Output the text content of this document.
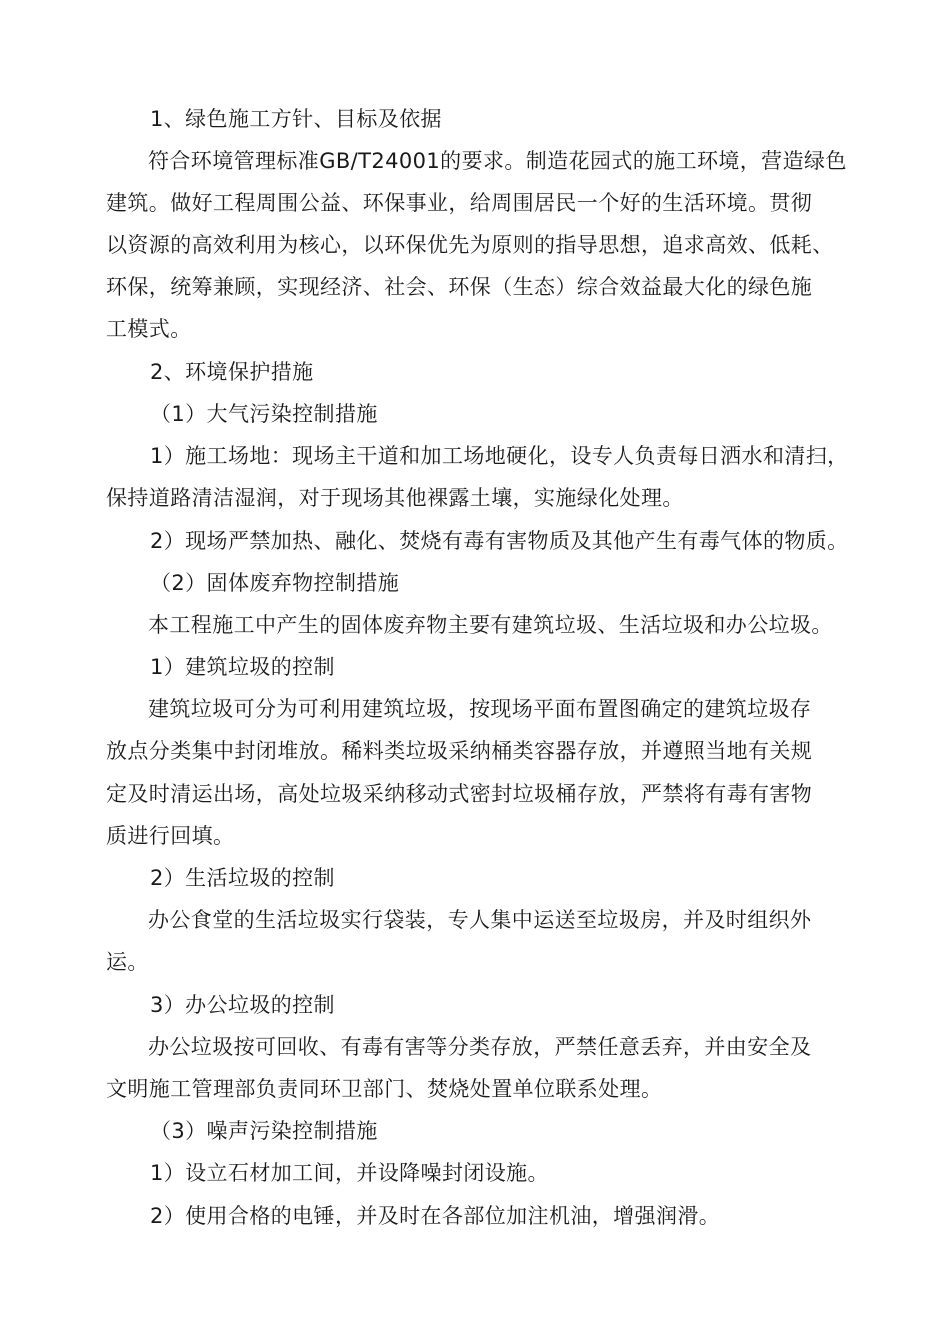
1、绿色施工方针、目标及依据
符合环境管理标准GB/T24001的要求。制造花园式的施工环境，营造绿色
建筑。做好工程周围公益、环保事业，给周围居民一个好的生活环境。贯彻
以资源的高效利用为核心，以环保优先为原则的指导思想，追求高效、低耗、
环保，统筹兼顾，实现经济、社会、环保（生态）综合效益最大化的绿色施
工模式。
2、环境保护措施
（1）大气污染控制措施
1）施工场地：现场主干道和加工场地硬化，设专人负责每日洒水和清扫，
保持道路清洁湿润，对于现场其他裸露土壤，实施绿化处理。
2）现场严禁加热、融化、焚烧有毒有害物质及其他产生有毒气体的物质。
（2）固体废弃物控制措施
本工程施工中产生的固体废弃物主要有建筑垃圾、生活垃圾和办公垃圾。
1）建筑垃圾的控制
建筑垃圾可分为可利用建筑垃圾，按现场平面布置图确定的建筑垃圾存
放点分类集中封闭堆放。稀料类垃圾采纳桶类容器存放，并遵照当地有关规
定及时清运出场，高处垃圾采纳移动式密封垃圾桶存放，严禁将有毒有害物
质进行回填。
2）生活垃圾的控制
办公食堂的生活垃圾实行袋装，专人集中运送至垃圾房，并及时组织外
运。
3）办公垃圾的控制
办公垃圾按可回收、有毒有害等分类存放，严禁任意丢弃，并由安全及
文明施工管理部负责同环卫部门、焚烧处置单位联系处理。
（3）噪声污染控制措施
1）设立石材加工间，并设降噪封闭设施。
2）使用合格的电锤，并及时在各部位加注机油，增强润滑。
